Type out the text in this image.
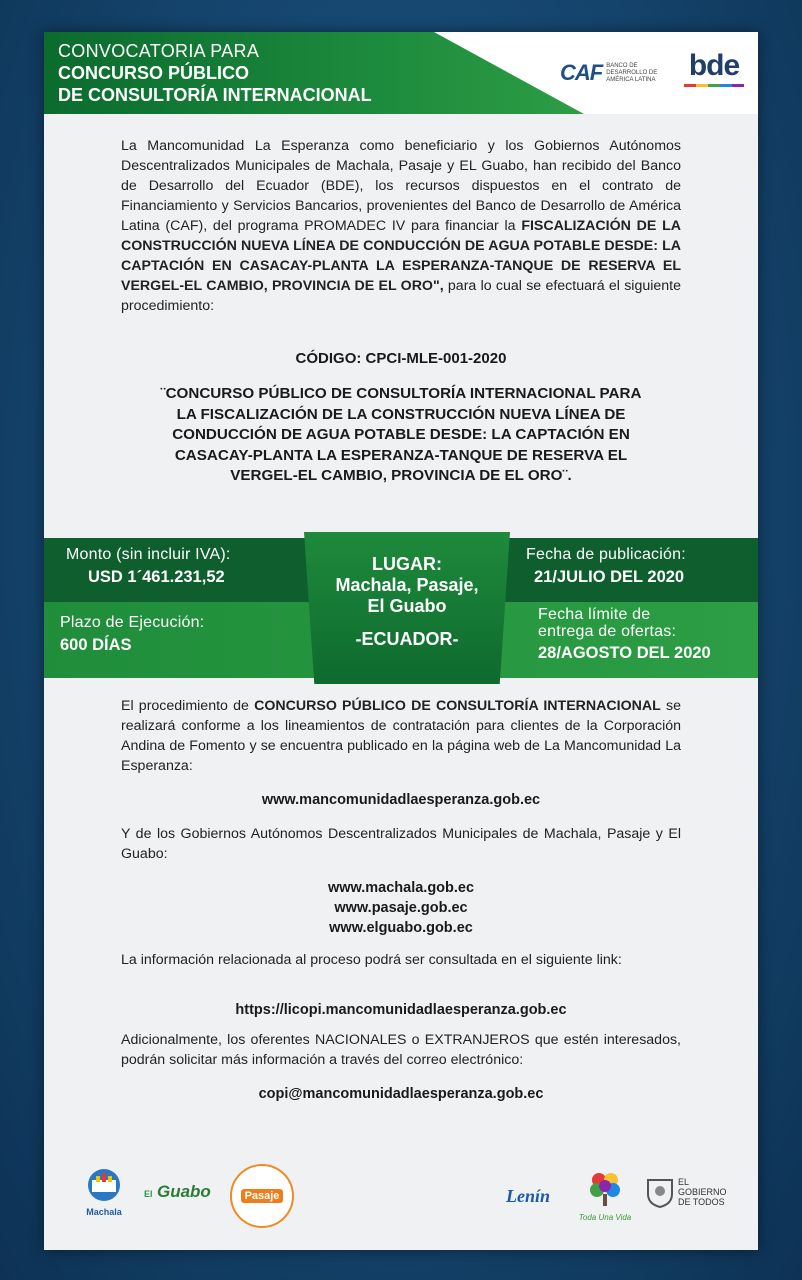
CONVOCATORIA PARA
CONCURSO PÚBLICO
DE CONSULTORÍA INTERNACIONAL
CAF BANCO DE DESARROLLO DE AMÉRICA LATINA bde
La Mancomunidad La Esperanza como beneficiario y los Gobiernos Autónomos Descentralizados Municipales de Machala, Pasaje y EL Guabo, han recibido del Banco de Desarrollo del Ecuador (BDE), los recursos dispuestos en el contrato de Financiamiento y Servicios Bancarios, provenientes del Banco de Desarrollo de América Latina (CAF), del programa PROMADEC IV para financiar la FISCALIZACIÓN DE LA CONSTRUCCIÓN NUEVA LÍNEA DE CONDUCCIÓN DE AGUA POTABLE DESDE: LA CAPTACIÓN EN CASACAY-PLANTA LA ESPERANZA-TANQUE DE RESERVA EL VERGEL-EL CAMBIO, PROVINCIA DE EL ORO", para lo cual se efectuará el siguiente procedimiento:
CÓDIGO: CPCI-MLE-001-2020
¨CONCURSO PÚBLICO DE CONSULTORÍA INTERNACIONAL PARA
LA FISCALIZACIÓN DE LA CONSTRUCCIÓN NUEVA LÍNEA DE
CONDUCCIÓN DE AGUA POTABLE DESDE: LA CAPTACIÓN EN
CASACAY-PLANTA LA ESPERANZA-TANQUE DE RESERVA EL
VERGEL-EL CAMBIO, PROVINCIA DE EL ORO¨.
Monto (sin incluir IVA):
USD 1´461.231,52
Plazo de Ejecución:
600 DÍAS
LUGAR:
Machala, Pasaje,
El Guabo
-ECUADOR-
Fecha de publicación:
21/JULIO DEL 2020
Fecha límite de
entrega de ofertas:
28/AGOSTO DEL 2020
El procedimiento de CONCURSO PÚBLICO DE CONSULTORÍA INTERNACIONAL se realizará conforme a los lineamientos de contratación para clientes de la Corporación Andina de Fomento y se encuentra publicado en la página web de La Mancomunidad La Esperanza:
www.mancomunidadlaesperanza.gob.ec
Y de los Gobiernos Autónomos Descentralizados Municipales de Machala, Pasaje y El Guabo:
www.machala.gob.ec
www.pasaje.gob.ec
www.elguabo.gob.ec
La información relacionada al proceso podrá ser consultada en el siguiente link:
https://licopi.mancomunidadlaesperanza.gob.ec
Adicionalmente, los oferentes NACIONALES o EXTRANJEROS que estén interesados, podrán solicitar más información a través del correo electrónico:
copi@mancomunidadlaesperanza.gob.ec
Machala
El Guabo	Pasaje	Lenín
Toda Una Vida
EL
GOBIERNO
DE TODOS
